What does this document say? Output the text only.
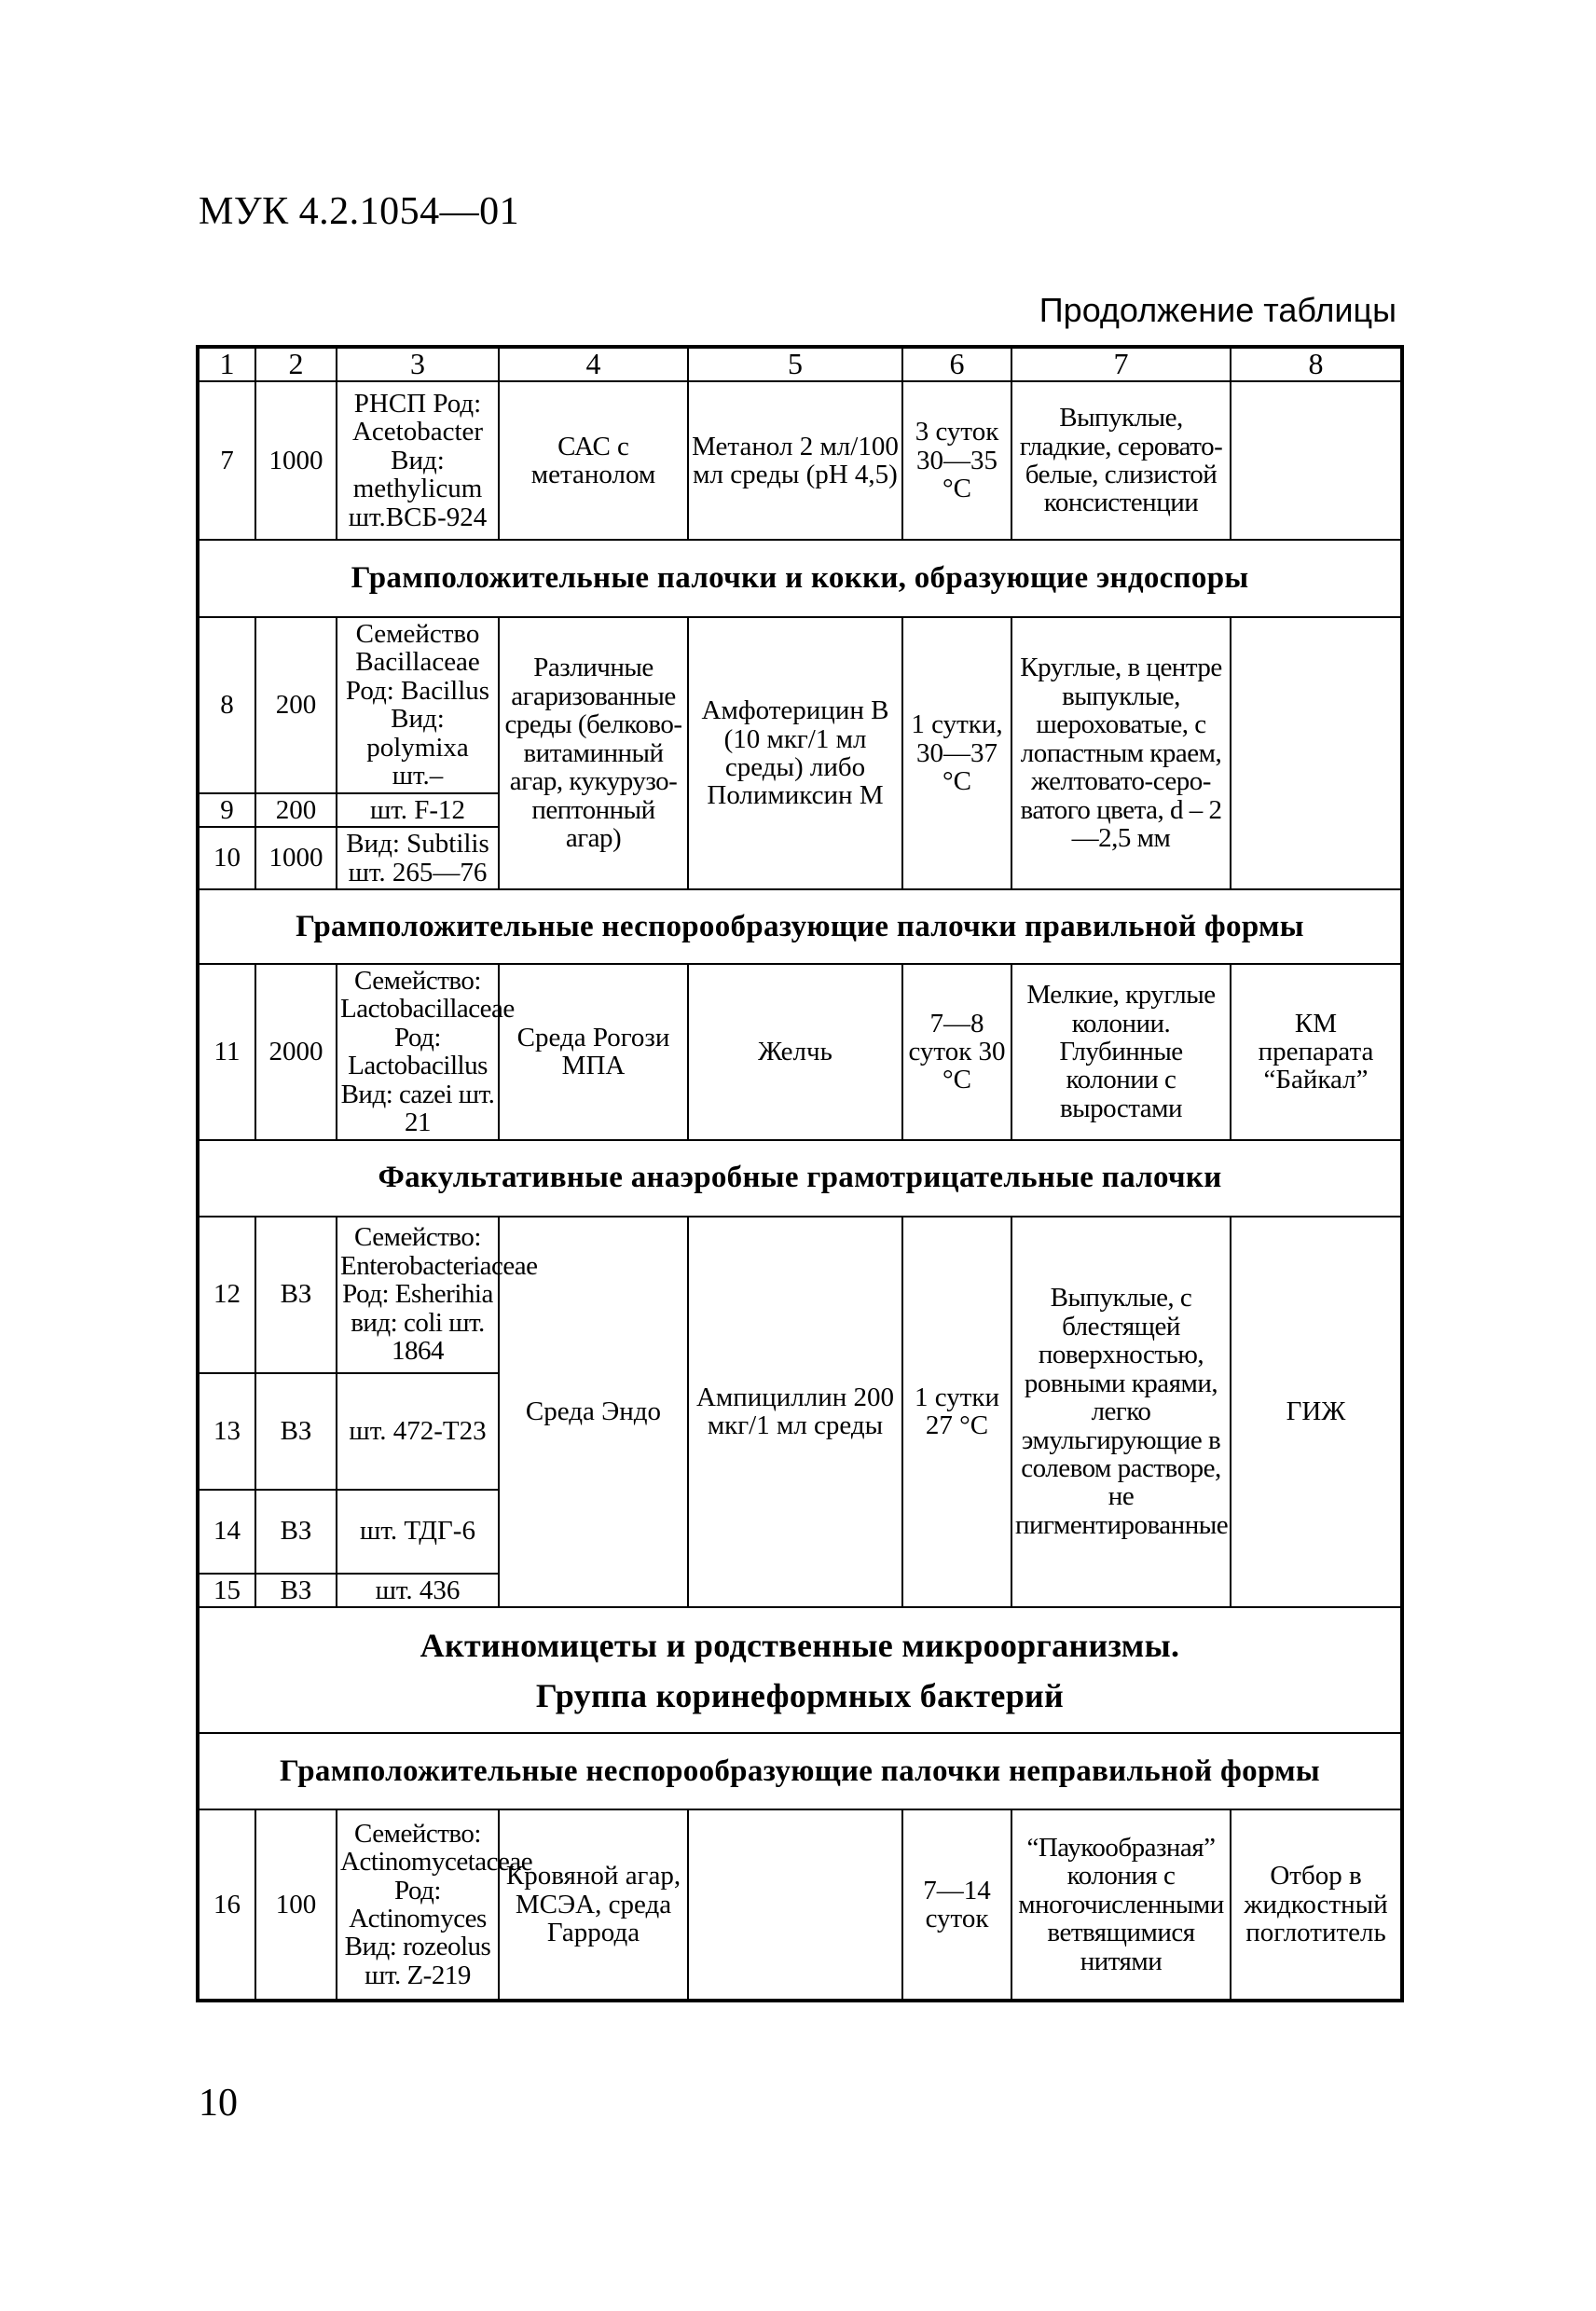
МУК 4.2.1054—01
Продолжение таблицы
1	2	3	4	5	6	7	8
7	1000	РНСП Род: Acetobacter Вид: methylicum шт.ВСБ-924	САС с метанолом	Метанол 2 мл/100 мл среды (pH 4,5)	3 суток 30—35 °С	Выпуклые, гладкие, серовато-белые, слизистой консистенции	
Грамположительные палочки и кокки, образующие эндоспоры							
8	200	Семейство Bacillaceae Род: Bacillus Вид: polymixa шт.–	Различные агаризованные среды (белково-витаминный агар, кукурузо-пептонный агар)	Амфотерицин В (10 мкг/1 мл среды) либо Полимиксин М	1 сутки, 30—37 °С	Круглые, в центре выпуклые, шероховатые, с лопастным краем, желтовато-серо-ватого цвета, d – 2—2,5 мм	
9	200	шт. F-12					
10	1000	Вид: Subtilis шт. 265—76					
Грамположительные неспорообразующие палочки правильной формы							
11	2000	Семейство: Lactobacillaceae Род: Lactobacillus Вид: cazei шт. 21	Среда Рогози МПА	Желчь	7—8 суток 30 °С	Мелкие, круглые колонии. Глубинные колонии с выростами	КМ препарата “Байкал”
Факультативные анаэробные грамотрицательные палочки							
12	ВЗ	Семейство: Enterobacteriaceae Род: Esherihia вид: coli шт. 1864	Среда Эндо	Ампициллин 200 мкг/1 мл среды	1 сутки 27 °С	Выпуклые, с блестящей поверхностью, ровными краями, легко эмульгирующие в солевом растворе, не пигментированные	ГИЖ
13	ВЗ	шт. 472-Т23					
14	ВЗ	шт. ТДГ-6					
15	ВЗ	шт. 436					

Актиномицеты и родственные микроорганизмы.
Группа коринеформных бактерий							

Грамположительные неспорообразующие палочки неправильной формы							
16	100	Семейство: Actinomycetaceae Род: Actinomyces Вид: rozeolus шт. Z-219	Кровяной агар, МСЭА, среда Гаррода		7—14 суток	“Паукообразная” колония с многочисленными ветвящимися нитями	Отбор в жидкостный поглотитель
10
